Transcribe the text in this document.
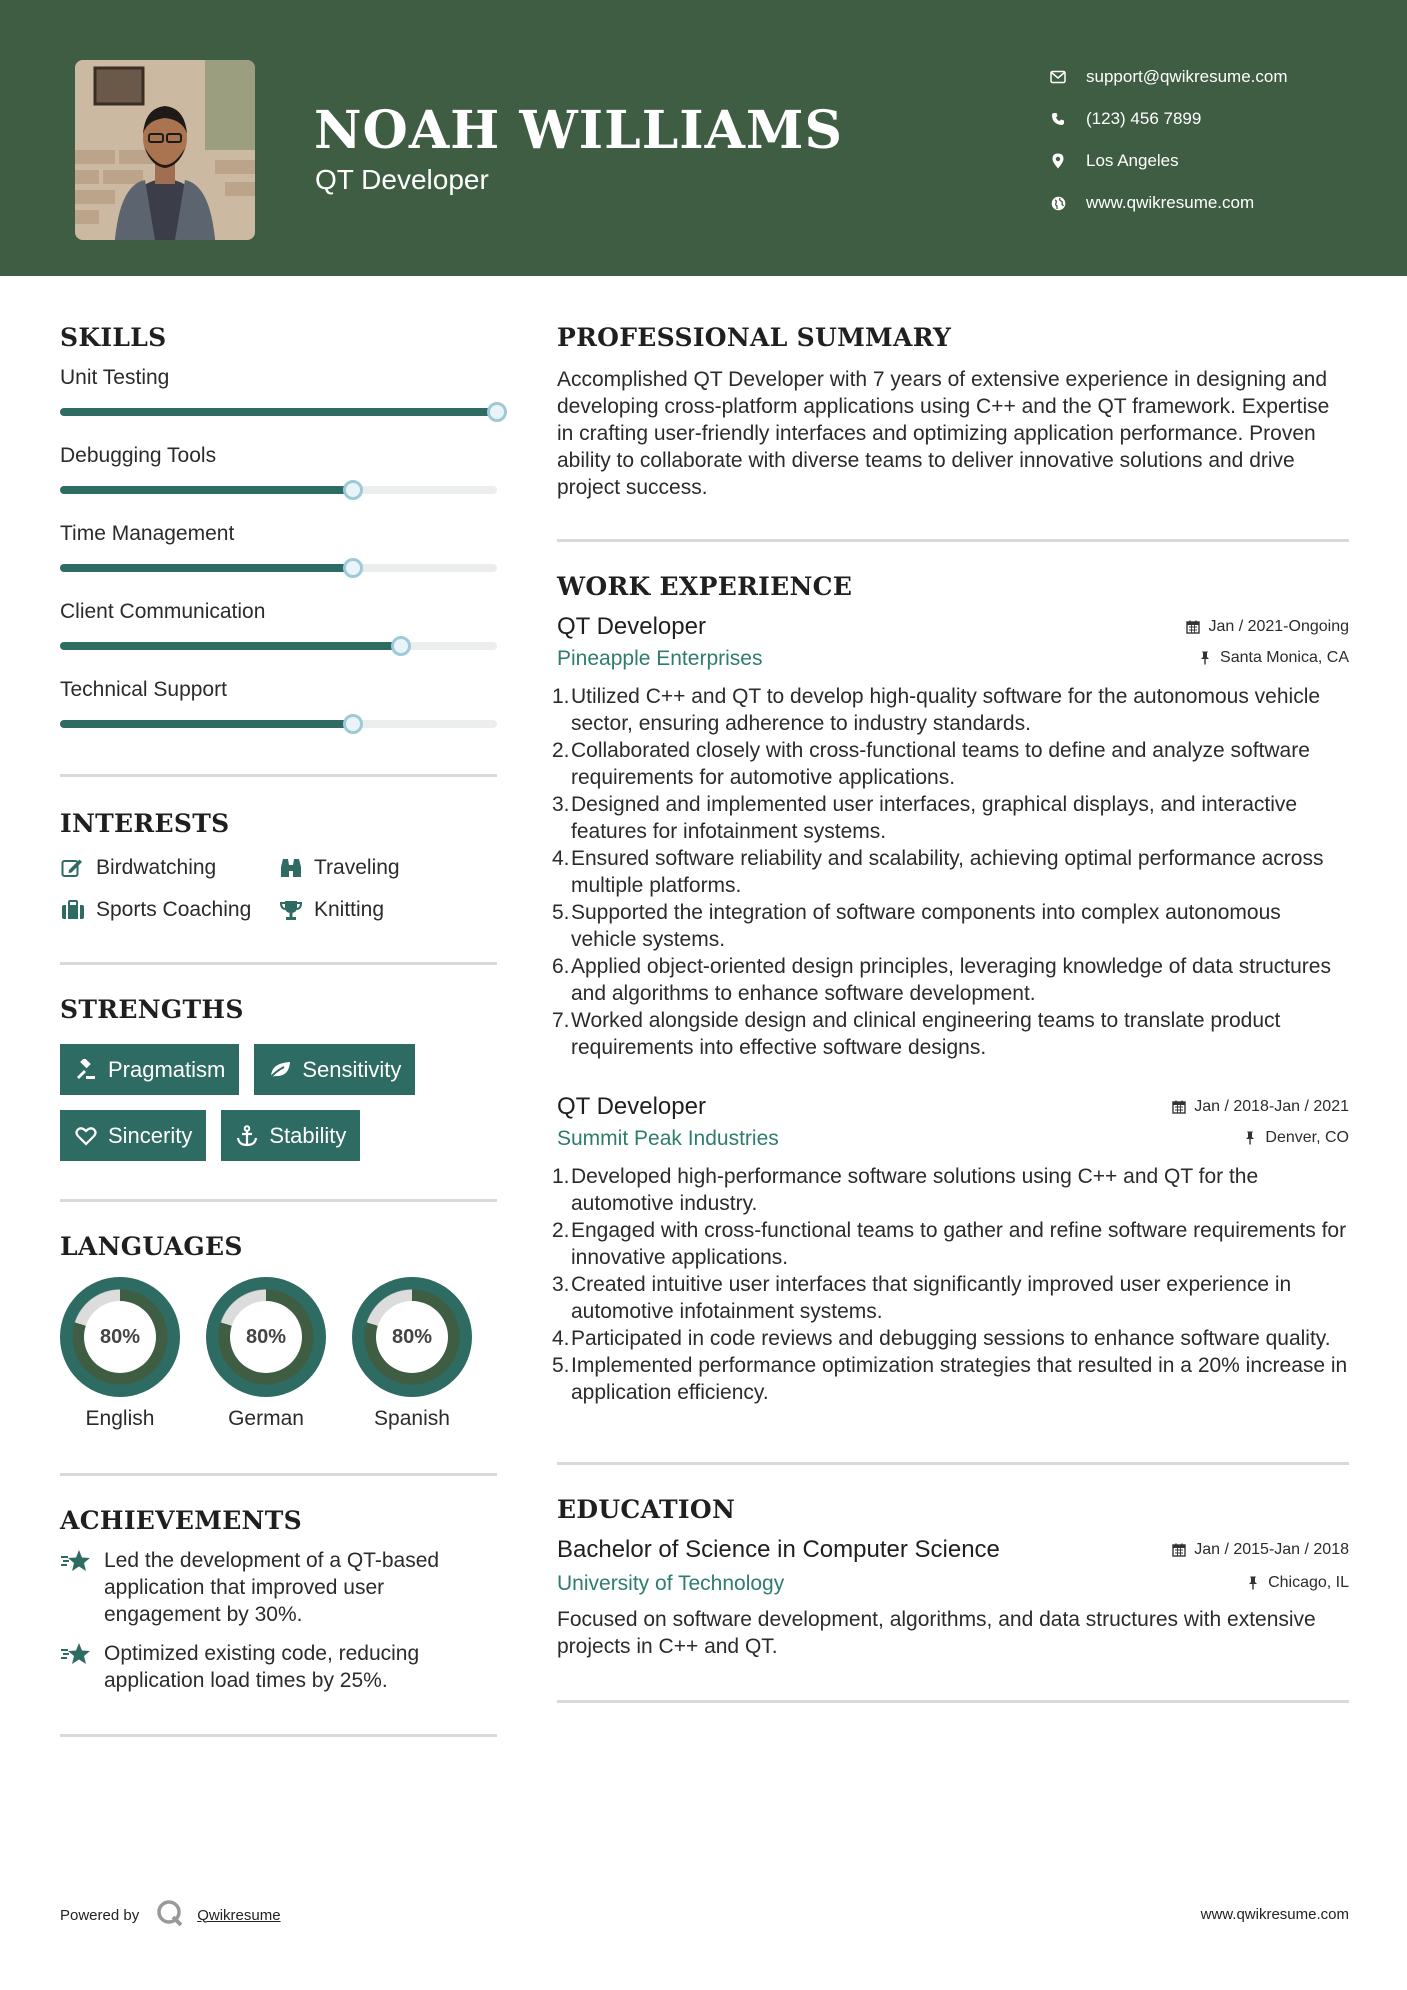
NOAH WILLIAMS
QT Developer
support@qwikresume.com
(123) 456 7899
Los Angeles
www.qwikresume.com
SKILLS
Unit Testing
Debugging Tools
Time Management
Client Communication
Technical Support
INTERESTS
Birdwatching	Traveling
Sports Coaching	Knitting
STRENGTHS
Pragmatism	Sensitivity
Sincerity	Stability
LANGUAGES
80%
English
80%
German
80%
Spanish
ACHIEVEMENTS
Led the development of a QT-based application that improved user engagement by 30%.
Optimized existing code, reducing application load times by 25%.
PROFESSIONAL SUMMARY
Accomplished QT Developer with 7 years of extensive experience in designing and developing cross-platform applications using C++ and the QT framework. Expertise in crafting user-friendly interfaces and optimizing application performance. Proven ability to collaborate with diverse teams to deliver innovative solutions and drive project success.
WORK EXPERIENCE
QT Developer	Jan / 2021-Ongoing
Pineapple Enterprises	Santa Monica, CA
1. Utilized C++ and QT to develop high-quality software for the autonomous vehicle sector, ensuring adherence to industry standards.
2. Collaborated closely with cross-functional teams to define and analyze software requirements for automotive applications.
3. Designed and implemented user interfaces, graphical displays, and interactive features for infotainment systems.
4. Ensured software reliability and scalability, achieving optimal performance across multiple platforms.
5. Supported the integration of software components into complex autonomous vehicle systems.
6. Applied object-oriented design principles, leveraging knowledge of data structures and algorithms to enhance software development.
7. Worked alongside design and clinical engineering teams to translate product requirements into effective software designs.
QT Developer	Jan / 2018-Jan / 2021
Summit Peak Industries	Denver, CO
1. Developed high-performance software solutions using C++ and QT for the automotive industry.
2. Engaged with cross-functional teams to gather and refine software requirements for innovative applications.
3. Created intuitive user interfaces that significantly improved user experience in automotive infotainment systems.
4. Participated in code reviews and debugging sessions to enhance software quality.
5. Implemented performance optimization strategies that resulted in a 20% increase in application efficiency.
EDUCATION
Bachelor of Science in Computer Science	Jan / 2015-Jan / 2018
University of Technology	Chicago, IL
Focused on software development, algorithms, and data structures with extensive projects in C++ and QT.
Powered by	Qwikresume	www.qwikresume.com
